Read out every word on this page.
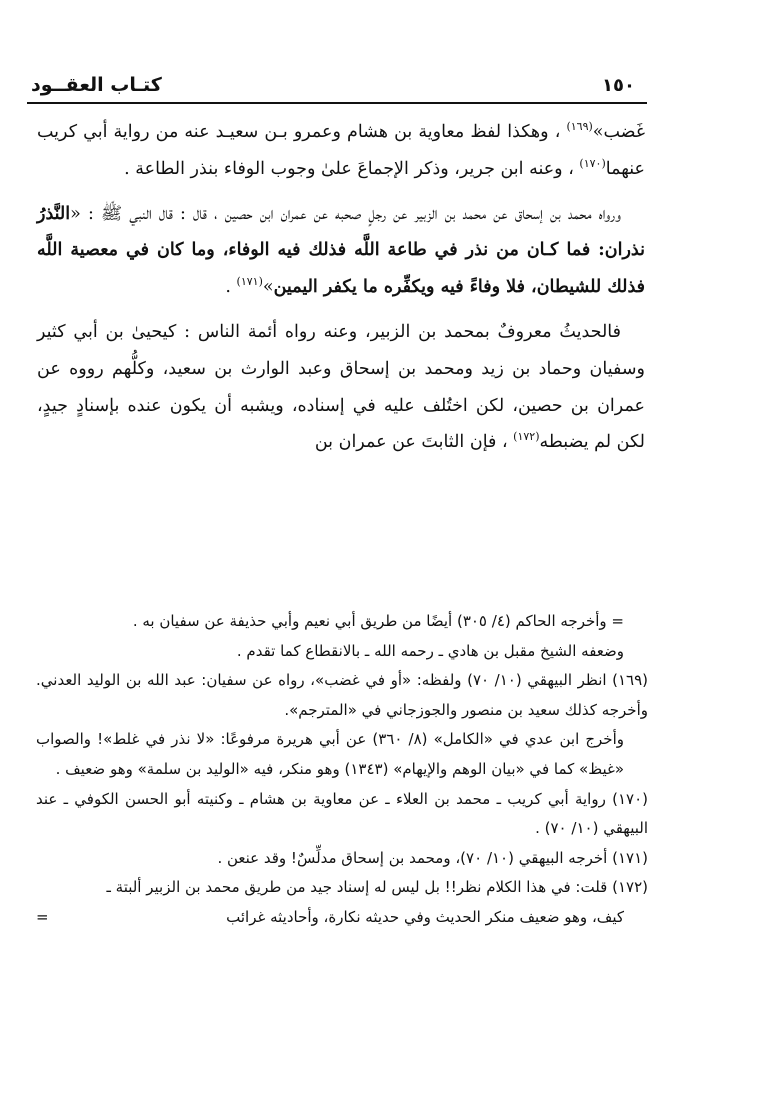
كتـاب العقــود	١٥٠

غَضب»$^{(١٦٩)}$ ، وهكذا لفظ معاوية بن هشام وعمرو بـن سعيـد عنه من رواية أبي كريب عنهما$^{(١٧٠)}$ ، وعنه ابن جرير، وذكر الإجماعَ علىٰ وجوب الوفاء بنذر الطاعة .

ورواه محمد بن إسحاق عن محمد بن الزبير عن رجلٍ صحبه عن عمران ابن حصين ، قال : قال النبي ﷺ : «النَّذرُ نذران: فما كـان من نذر في طاعة اللَّه فذلك فيه الوفاء، وما كان في معصية اللَّه فذلك للشيطان، فلا وفاءً فيه ويكفِّره ما يكفر اليمين»$^{(١٧١)}$ .

فالحديثُ معروفٌ بمحمد بن الزبير، وعنه رواه أئمة الناس : كيحيىٰ بن أبي كثير وسفيان وحماد بن زيد ومحمد بن إسحاق وعبد الوارث بن سعيد، وكلُّهم رووه عن عمران بن حصين، لكن اختُلف عليه في إسناده، ويشبه أن يكون عنده بإسنادٍ جيدٍ، لكن لم يضبطه$^{(١٧٢)}$ ، فإن الثابتَ عن عمران بن

= وأخرجه الحاكم (٤/ ٣٠٥) أيضًا من طريق أبي نعيم وأبي حذيفة عن سفيان به .

وضعفه الشيخ مقبل بن هادي ـ رحمه الله ـ بالانقطاع كما تقدم .

(١٦٩) انظر البيهقي (١٠/ ٧٠) ولفظه: «أو في غضب»، رواه عن سفيان: عبد الله بن الوليد العدني. وأخرجه كذلك سعيد بن منصور والجوزجاني في «المترجم».

وأخرج ابن عدي في «الكامل» (٨/ ٣٦٠) عن أبي هريرة مرفوعًا: «لا نذر في غلط»! والصواب «غيظ» كما في «بيان الوهم والإيهام» (١٣٤٣) وهو منكر، فيه «الوليد بن سلمة» وهو ضعيف .

(١٧٠) رواية أبي كريب ـ محمد بن العلاء ـ عن معاوية بن هشام ـ وكنيته أبو الحسن الكوفي ـ عند البيهقي (١٠/ ٧٠) .

(١٧١) أخرجه البيهقي (١٠/ ٧٠)، ومحمد بن إسحاق مدلِّسٌ! وقد عنعن .

(١٧٢) قلت: في هذا الكلام نظر!! بل ليس له إسناد جيد من طريق محمد بن الزبير ألبتة ـ

كيف، وهو ضعيف منكر الحديث وفي حديثه نكارة، وأحاديثه غرائب
=
